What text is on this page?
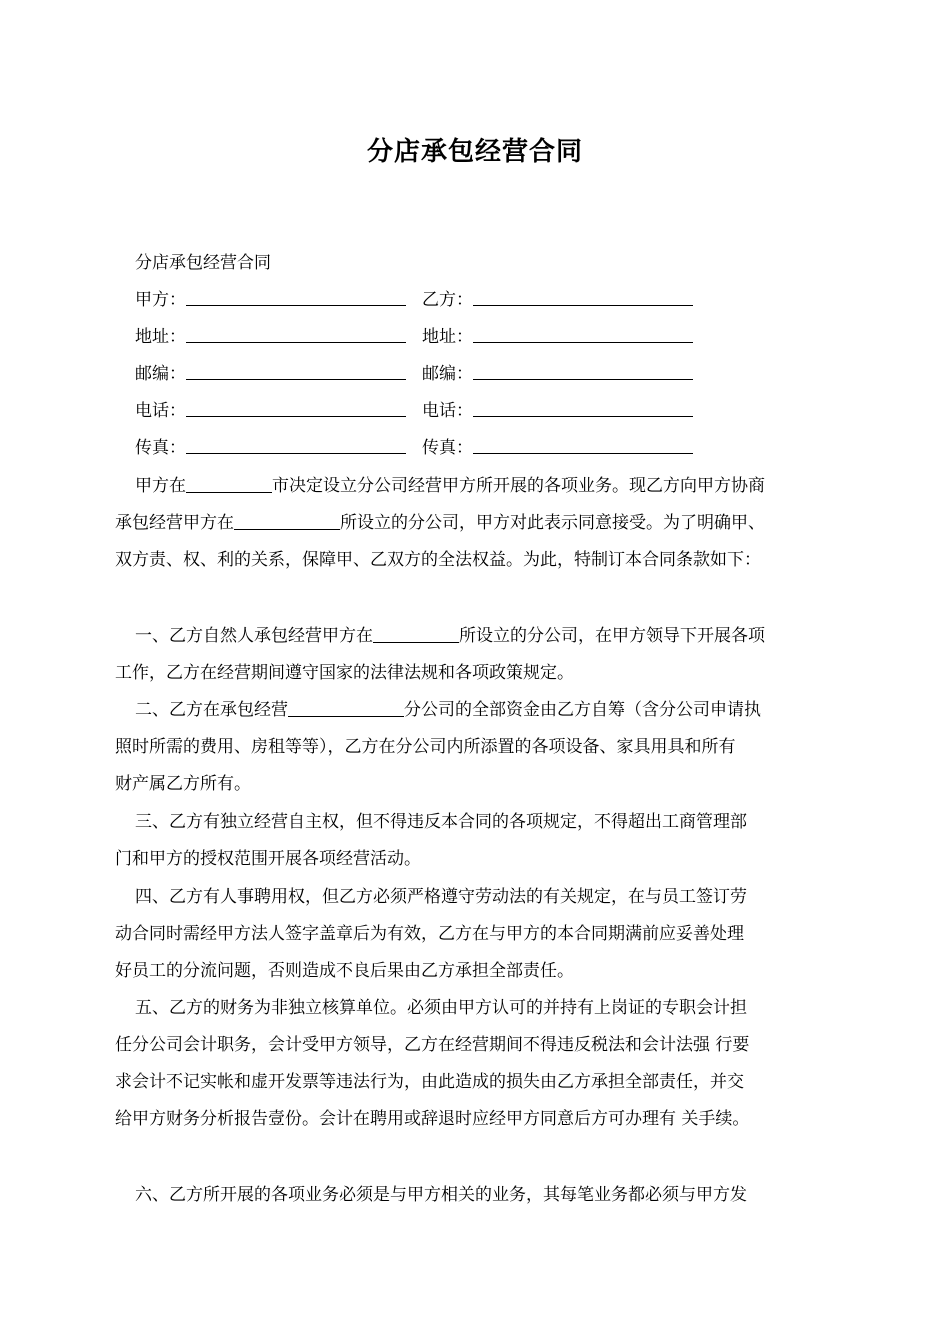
分店承包经营合同
分店承包经营合同
甲方：	乙方：
地址：	地址：
邮编：	邮编：
电话：	电话：
传真：	传真：
甲方在	市决定设立分公司经营甲方所开展的各项业务。现乙方向甲方协商
承包经营甲方在	所设立的分公司，甲方对此表示同意接受。为了明确甲、
双方责、权、利的关系，保障甲、乙双方的全法权益。为此，特制订本合同条款如下：
一、乙方自然人承包经营甲方在	所设立的分公司，在甲方领导下开展各项
工作，乙方在经营期间遵守国家的法律法规和各项政策规定。
二、乙方在承包经营	分公司的全部资金由乙方自筹（含分公司申请执
照时所需的费用、房租等等），乙方在分公司内所添置的各项设备、家具用具和所有
财产属乙方所有。
三、乙方有独立经营自主权，但不得违反本合同的各项规定，不得超出工商管理部
门和甲方的授权范围开展各项经营活动。
四、乙方有人事聘用权，但乙方必须严格遵守劳动法的有关规定，在与员工签订劳
动合同时需经甲方法人签字盖章后为有效，乙方在与甲方的本合同期满前应妥善处理
好员工的分流问题，否则造成不良后果由乙方承担全部责任。
五、乙方的财务为非独立核算单位。必须由甲方认可的并持有上岗证的专职会计担
任分公司会计职务，会计受甲方领导，乙方在经营期间不得违反税法和会计法强 行要
求会计不记实帐和虚开发票等违法行为，由此造成的损失由乙方承担全部责任，并交
给甲方财务分析报告壹份。会计在聘用或辞退时应经甲方同意后方可办理有 关手续。
六、乙方所开展的各项业务必须是与甲方相关的业务，其每笔业务都必须与甲方发
